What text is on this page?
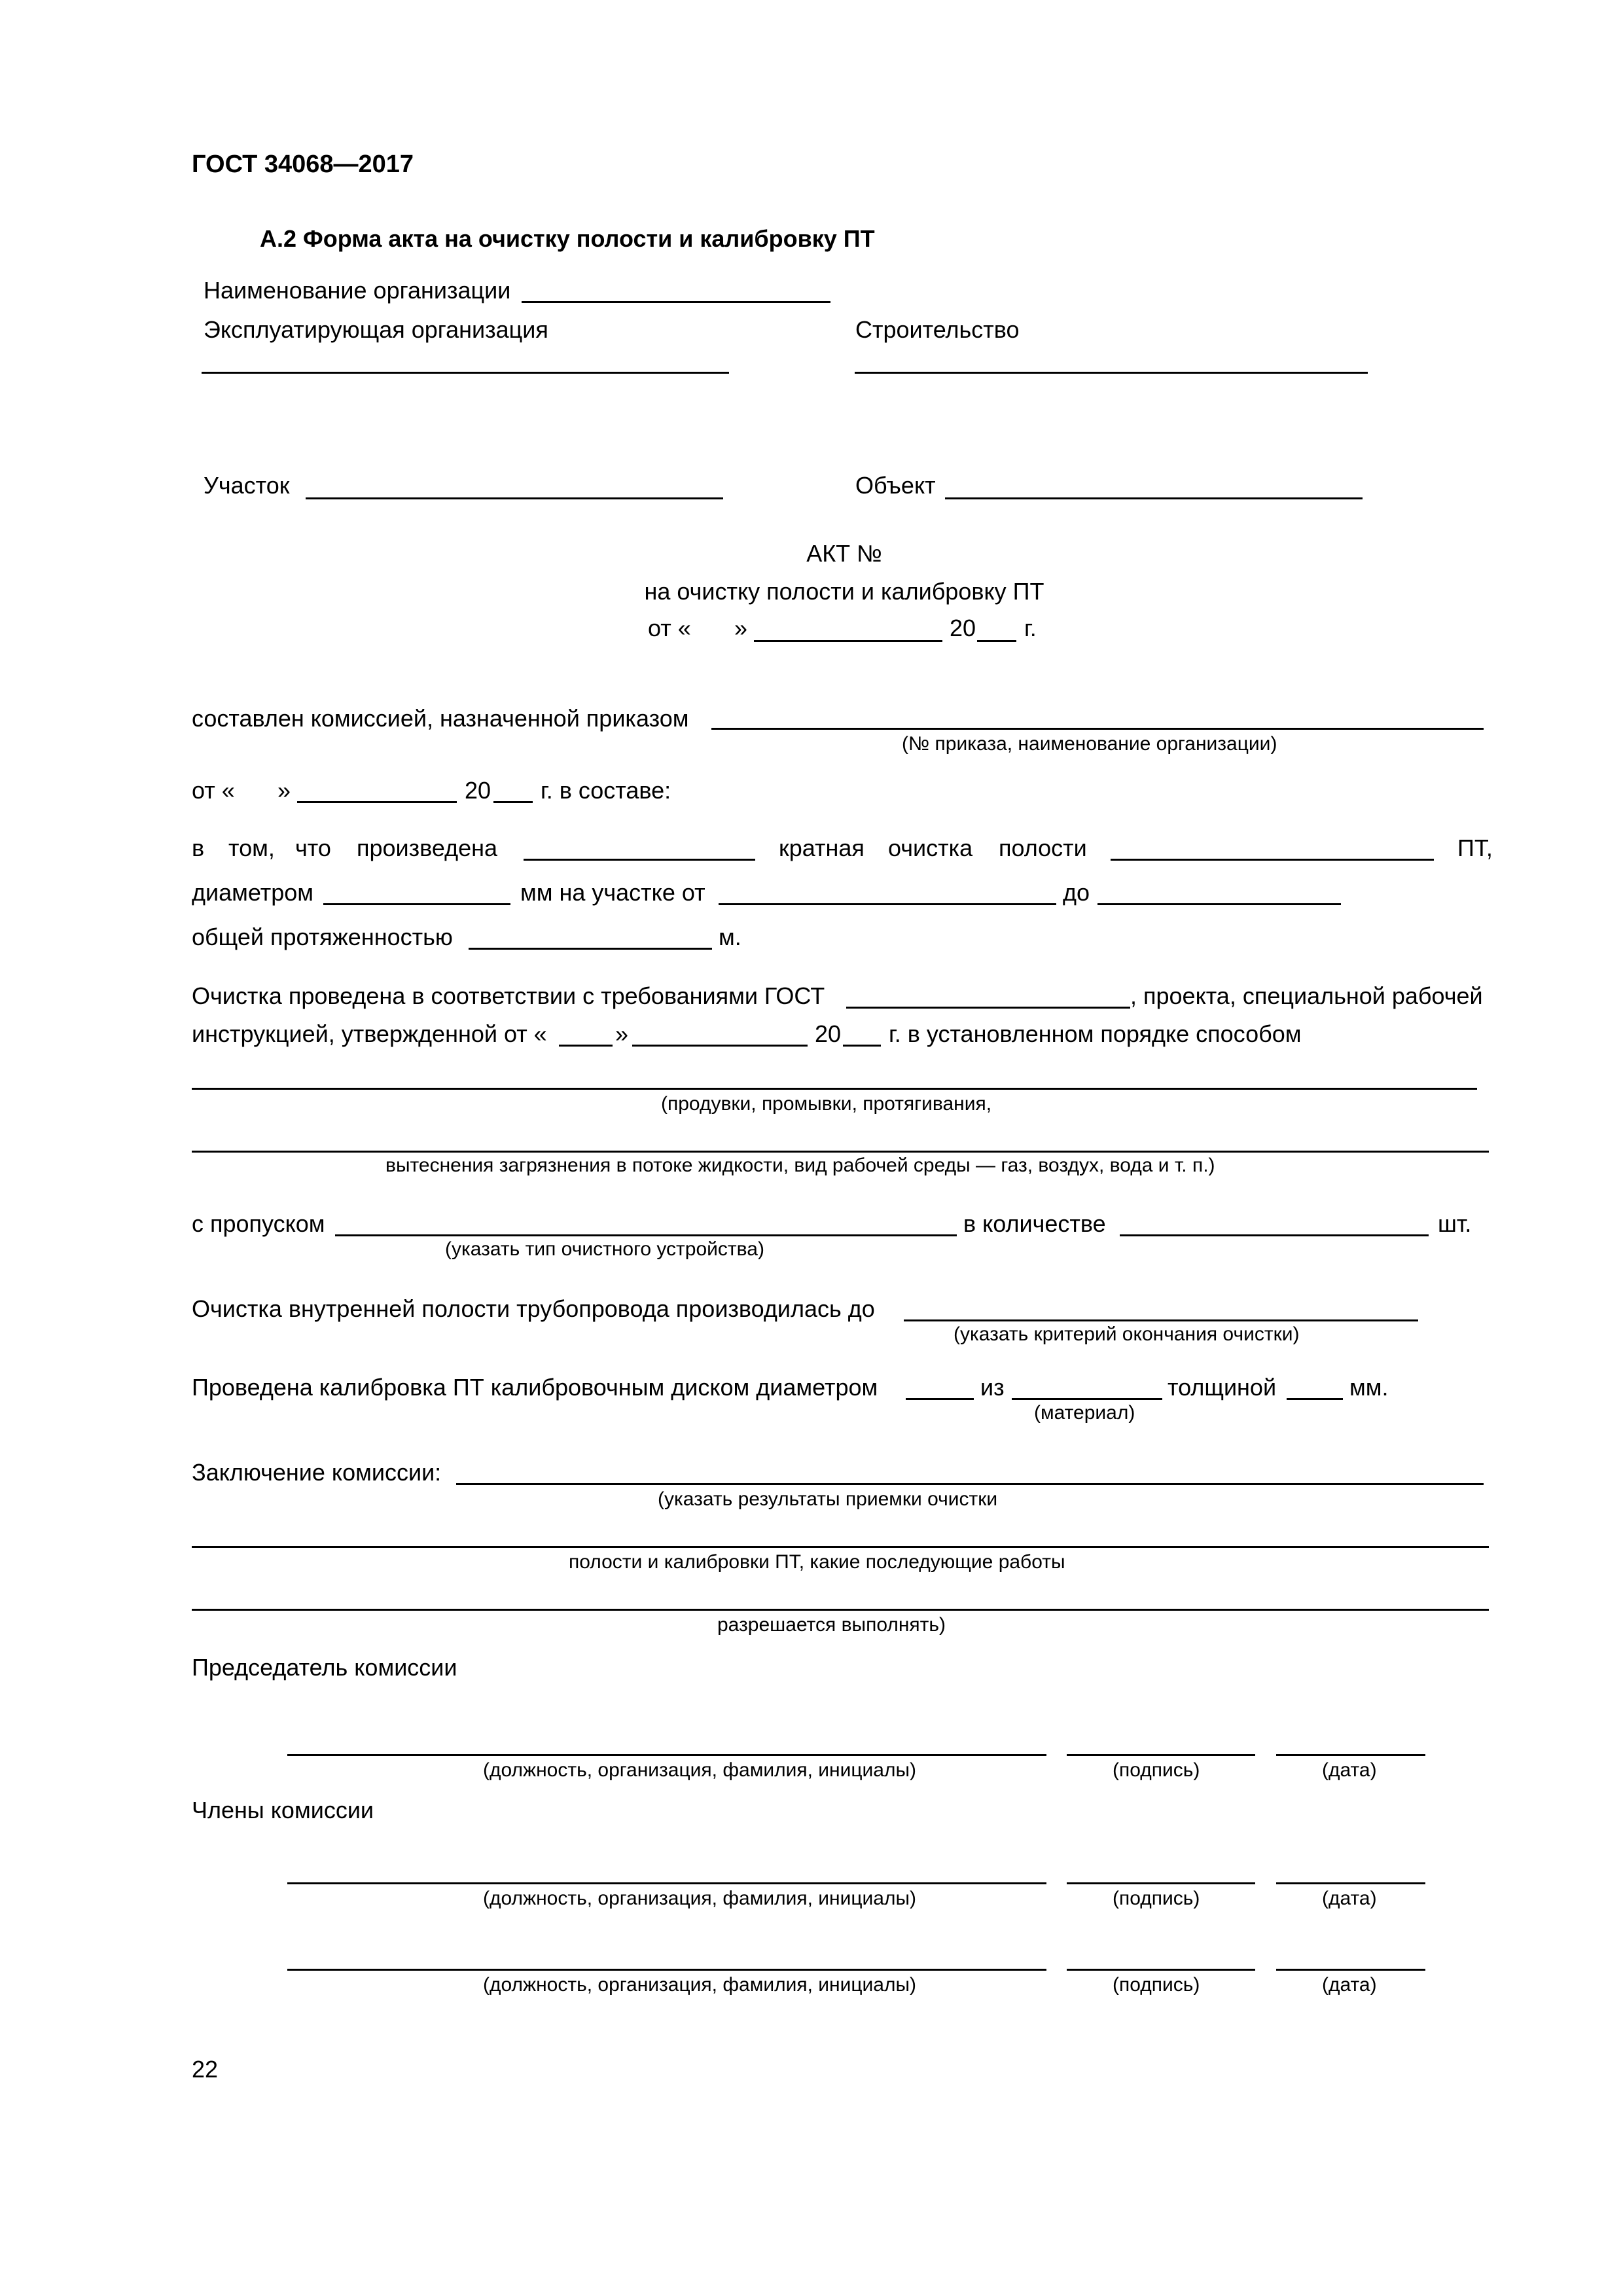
ГОСТ 34068—2017
А.2 Форма акта на очистку полости и калибровку ПТ
Наименование организации
Эксплуатирующая организация	Строительство
Участок	Объект
АКТ №
на очистку полости и калибровку ПТ
от « »	20 г.
составлен комиссией, назначенной приказом
(№ приказа, наименование организации)
от « »	20 г. в составе:
в том, что произведена	кратная очистка полости	ПТ,
диаметром	мм на участке от	до
общей протяженностью	м.
Очистка проведена в соответствии с требованиями ГОСТ	, проекта, специальной рабочей
инструкцией, утвержденной от «	»	20 г. в установленном порядке способом
(продувки, промывки, протягивания,
вытеснения загрязнения в потоке жидкости, вид рабочей среды — газ, воздух, вода и т. п.)
с пропуском
(указать тип очистного устройства)
в количестве	шт.
Очистка внутренней полости трубопровода производилась до
(указать критерий окончания очистки)
Проведена калибровка ПТ калибровочным диском диаметром	из
(материал)
толщиной	мм.
Заключение комиссии:
(указать результаты приемки очистки
полости и калибровки ПТ, какие последующие работы
разрешается выполнять)
Председатель комиссии
(должность, организация, фамилия, инициалы)	(подпись)	(дата)
Члены комиссии
(должность, организация, фамилия, инициалы)	(подпись)	(дата)
(должность, организация, фамилия, инициалы)	(подпись)	(дата)
22
